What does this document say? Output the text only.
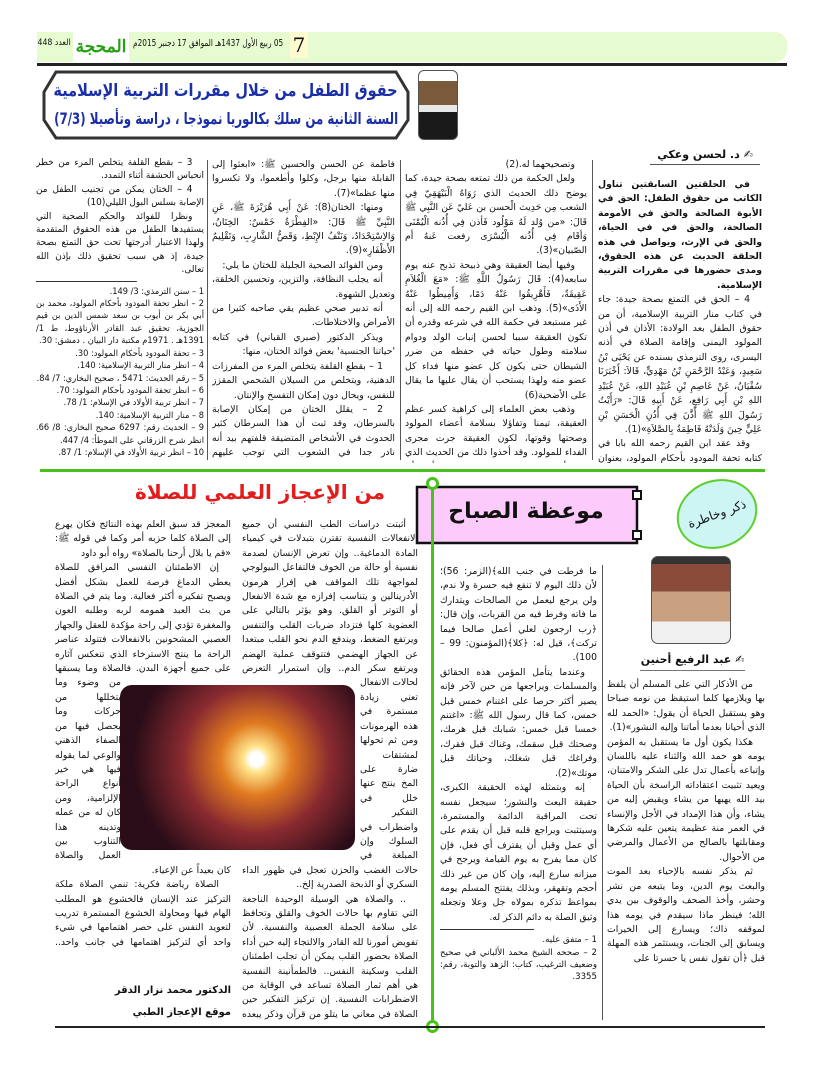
7
05 ربيع الأول 1437هـ الموافق 17 دجنبر 2015م
المحجة
العدد 448
حقوق الطفل من خلال مقررات التربية الإسلامية
السنة الثانية من سلك بكالوريا نموذجا ، دراسة وتأصيلا (7/3)
✍ د. لحسن وعكي

في الحلقتين السابقتين تناول الكاتب من حقوق الطفل: الحق في الأبوة الصالحة والحق في الأمومة الصالحة، والحق في في الحياة، والحق في الإرث، ويواصل في هذه الحلقة الحديث عن هذه الحقوق، ومدى حضورها في مقررات التربية الإسلامية.

4 – الحق في التمتع بصحة جيدة: جاء في كتاب منار التربية الإسلامية، أن من حقوق الطفل بعد الولادة: الأذان في أذن المولود اليمنى وإقامة الصلاة في أذنه اليسرى، روى الترمذي بسنده عن يَحْيَى بْنُ سَعِيدٍ، وَعَبْدُ الرَّحْمَنِ بْنُ مَهْدِيٍّ، قَالاَ: أَخْبَرَنَا سُفْيَانُ، عَنْ عَاصِمِ بْنِ عُبَيْدِ اللهِ، عَنْ عُبَيْدِ اللهِ بْنِ أَبِي رَافِعٍ، عَنْ أَبِيهِ قَالَ: «رَأَيْتُ رَسُولَ اللهِ ﷺ أَذَّنَ فِي أُذُنِ الْحَسَنِ بْنِ عَلِيٍّ حِينَ وَلَدَتْهُ فَاطِمَةُ بِالصَّلاَةِ»(1).

وقد عقد ابن القيم رحمه الله بابا في كتابه تحفة المودود بأحكام المولود، بعنوان

وتصحيحهما له.(2)

ولعل الحكمة من ذلك تمتعه بصحة جيدة، كما يوضح ذلك الحديث الذي رَوَاهُ الْبَيْهَقِيّ فِي الشعب مِن حَدِيث الْحسن بن عَليّ عَن النَّبِي ﷺ قَالَ: «من وُلد لَهُ مَوْلُود فَأذن فِي أُذُنه الْيُمْنَى وَأقَام فِي أُذُنه الْيُسْرَى رفعت عَنهُ أم الصّبيان»(3).

وفيها أيضا العقيقة وهي ذبيحة تذبح عنه يوم سابعه(4): قَالَ رَسُولُ اللَّهِ ﷺ: «مَعَ الْغُلاَمِ عَقِيقَةٌ، فَأَهْرِيقُوا عَنْهُ دَمًا، وَأَمِيطُوا عَنْهُ الأَذَى»(5). وذهب ابن القيم رحمه الله إلى أنه غير مستبعد في حكمة الله في شرعه وقدره أن تكون العقيقة سببا لحسن إنبات الولد ودوام سلامته وطول حياته في حفظه من ضرر الشيطان حتى يكون كل عضو منها فداء كل عضو منه ولهذا يستحب أن يقال عليها ما يقال على الأضحية(6)

وذهب بعض العلماء إلى كراهية كسر عظم العقيقة، تيمنا وتفاؤلا بسلامة أعضاء المولود وصحتها وقوتها، لكون العقيقة جرت مجرى الفداء للمولود. وقد أخذوا ذلك من الحديث الذي

فاطمة عن الحسن والحسين ﷺ: «ابعثوا إلى القابلة منها برجل، وكلوا وأطعموا، ولا تكسروا منها عظما»(7).

ومنها: الختان(8): عَنْ أَبِي هُرَيْرَةَ ﷺ، عَنِ النَّبِيِّ ﷺ قَالَ: «الفِطْرَةُ خَمْسٌ: الخِتَانُ، وَالاِسْتِحْدَادُ، وَنَتْفُ الإِبْطِ، وَقَصُّ الشَّارِبِ، وَتَقْلِيمُ الأَظْفَارِ»(9).

ومن الفوائد الصحية الجليلة للختان ما يلي:

أنه يجلب النظافة، والتزين، وتحسين الخلقة، وتعديل الشهوة.

أنه تدبير صحي عظيم يقي صاحبه كثيرا من الأمراض والاختلاطات.

ويذكر الدكتور (صبري القباني) في كتابه 'حياتنا الجنسية' بعض فوائد الختان، منها:

1 – بقطع القلفة يتخلص المرء من المفرزات الدهنية، ويتخلص من السيلان الشحمي المقزز للنفس، ويحال دون إمكان التفسخ والإنتان.

2 – يقلل الختان من إمكان الإصابة بالسرطان، وقد ثبت أن هذا السرطان كثير الحدوث في الأشخاص المتضيقة قلفتهم بيد أنه نادر جدا في الشعوب التي توجب عليهم

3 – بقطع القلفة يتخلص المرء من خطر انحباس الحشفة أثناء التمدد.

4 – الختان يمكن من تجنيب الطفل من الإصابة بسلس البول الليلي(10)

ونظرا للفوائد والحكم الصحية التي يستفيدها الطفل من هذه الحقوق المتقدمة ولهذا الاعتبار أدرجتها تحت حق التمتع بصحة جيدة، إذ هي سبب تحقيق ذلك بإذن الله تعالى.

1 – سنن الترمذي: 3/ 149.
2 – انظر تحفة المودود بأحكام المولود، محمد بن أبي بكر بن أيوب بن سعد شمس الدين بن قيم الجوزية، تحقيق عبد القادر الأرناؤوط، ط 1/ 1391هـ . 1971م مكتبة دار البيان . دمشق: 30.
3 – تحفة المودود بأحكام المولود: 30.
4 – انظر منار التربية الإسلامية: 140.
5 – رقم الحديث: 5471 ، صحيح البخاري: 7/ 84.
6 – انظر تحفة المودود بأحكام المولود: 70.
7 – انظر تربية الأولاد في الإسلام: 1/ 78.
8 – منار التربية الإسلامية: 140.
9 – الحديث رقم: 6297 صحيح البخاري: 8/ 66. انظر شرح الزرقاني على الموطأ: 4/ 447.
10 – انظر تربية الأولاد في الإسلام: 1/ 87.
ذكر وخاطرة
موعظة الصباح
✍ عبد الرفيع أحنين

من الأذكار التي على المسلم أن يلفظ بها ويلازمها كلما استيقظ من نومه صباحا وهو يستقبل الحياة أن يقول: «الحمد لله الذي أحيانا بعدما أماتنا وإليه النشور»(1).

هكذا يكون أول ما يستقبل به المؤمن يومه هو حمد الله والثناء عليه باللسان وإتباعه بأعمال تدل على الشكر والامتنان، ويعيد تثبيت اعتقاداته الراسخة بأن الحياة بيد الله يهبها من يشاء ويقبض إليه من يشاء، وأن هذا الإمداد في الأجل والإنساء في العمر منة عظيمة يتعين عليه شكرها ومقابلتها بالصالح من الأعمال والمرضي من الأحوال.

ثم يذكر نفسه بالإحياء بعد الموت والبعث يوم الدين، وما يتبعه من نشر وحشر، وأخذ الصحف والوقوف بين يدي الله؛ فينظر ماذا سيقدم في يومه هذا لموقفه ذاك؛ ويسارع إلى الخيرات ويسابق إلى الجنات، ويستثمر هذه المهلة قبل ﴿أن تقول نفس يا حسرتا على

ما فرطت في جنب الله﴾(الزمر: 56)؛ لأن ذلك اليوم لا تنفع فيه حسرة ولا ندم، ولن يرجع ليعمل من الصالحات ويتدارك ما فاته وفرط فيه من القربات، وإن قال: ﴿رب ارجعون لعلي أعمل صالحا فيما تركت﴾، قيل له: ﴿كلا﴾(المؤمنون: 99 – 100).

وعندما يتأمل المؤمن هذه الحقائق والمسلمات ويراجعها من حين لآخر فإنه يصير أكثر حرصا على اغتنام خمس قبل خمس، كما قال رسول الله ﷺ: «اغتنم خمسا قبل خمس: شبابك قبل هرمك، وصحتك قبل سقمك، وغناك قبل فقرك، وفراغك قبل شغلك، وحياتك قبل موتك»(2).

إنه وبتمثله لهذه الحقيقة الكبرى، حقيقة البعث والنشور؛ سيجعل نفسه تحت المراقبة الدائمة والمستمرة، وسيتثبت ويراجع قلبه قبل أن يقدم على أي عمل وقبل أن يقترف أي فعل، فإن كان مما يفرح به يوم القيامة ويرجح في ميزانه سارع إليه، وإن كان من غير ذلك أحجم وتقهقر، وبذلك يفتتح المسلم يومه بمواعظ تذكره بمولاه جل وعلا وتجعله وثيق الصلة به دائم الذكر له.

1 – متفق عليه.
2 – صححه الشيخ محمد الألباني في صحيح وضعيف الترغيب، كتاب: الزهد والتوبة، رقم: 3355.
من الإعجاز العلمي للصلاة

أثبتت دراسات الطب النفسي أن جميع الانفعالات النفسية تقترن بتبدلات في كيمياء المادة الدماغية.. وإن تعرض الإنسان لصدمة نفسية أو حالة من الخوف فالتفاعل البيولوجي لمواجهة تلك المواقف هي إفراز هرمون الأدرينالين و يتناسب إفرازه مع شدة الانفعال أو التوتر أو القلق. وهو يؤثر بالتالي على العضوية كلها فتزداد ضربات القلب والتنفس ويرتفع الضغط، ويندفع الدم نحو القلب مبتعدا عن الجهاز الهضمي فتتوقف عملية الهضم ويرتفع سكر الدم.. وإن استمرار التعرض لحالات الانفعال تعني زيادة مستمرة في هذه الهرمونات ومن ثم تحولها لمشتقات ضارة على المخ ينتج عنها خلل في التفكير واضطراب في السلوك وإن المبلغة في حالات الغضب والحزن تعجل في ظهور الداء السكري أو الذبحة الصدرية إلخ..

.. والصلاة هي الوسيلة الوحيدة الناجعة التي تقاوم بها حالات الخوف والقلق وتحافظ على سلامة الجملة العصبية والنفسية. لأن تفويض أمورنا لله القادر والالتجاء إليه حين أداء الصلاة بحضور القلب يمكن أن تجلب اطمئنان القلب وسكينة النفس.. فالطمأنينة النفسية هي أهم ثمار الصلاة تساعد في الوقاية من الاضطرابات النفسية. إن تركيز التفكير حين الصلاة في معاني ما يتلو من قرآن وذكر يبعده

المعجز قد سبق العلم بهذه النتائج فكان يهرع إلى الصلاة كلما حزبه أمر وكما في قوله ﷺ: «قم يا بلال أرحنا بالصلاة» رواه أبو داود

إن الاطمئنان النفسي المرافق للصلاة يعطي الدماغ فرصة للعمل بشكل أفضل ويصبح تفكيره أكثر فعالية. وما يتم في الصلاة من بث العبد همومه لربه وطلبه العون والمغفرة تؤدي إلى راحة مؤكدة للعقل والجهاز العصبي المشحونين بالانفعالات فتتولد عناصر الراحة ما ينتج الاسترخاء الذي تنعكس آثاره على جميع أجهزة البدن. فالصلاة وما يسبقها من وضوء وما يتخللها من حركات وما يحصل فيها من الصفاء الذهني والوعي لما يقوله فيها هي خير أنواع الراحة الإلزامية، ومن كان له من عمله وتدينه هذا التناوب بين العمل والصلاة كان بعيداً عن الإعياء.

الصلاة رياضة فكرية: تنمي الصلاة ملكة التركيز عند الإنسان فالخشوع هو المطلب الهام فيها ومحاولة الخشوع المستمرة تدريب لتعويد النفس على حصر اهتمامها في شيء واحد أي لتركيز اهتمامها في جانب واحد..

الدكتور محمد نزار الدقر
موقع الإعجاز الطبي
